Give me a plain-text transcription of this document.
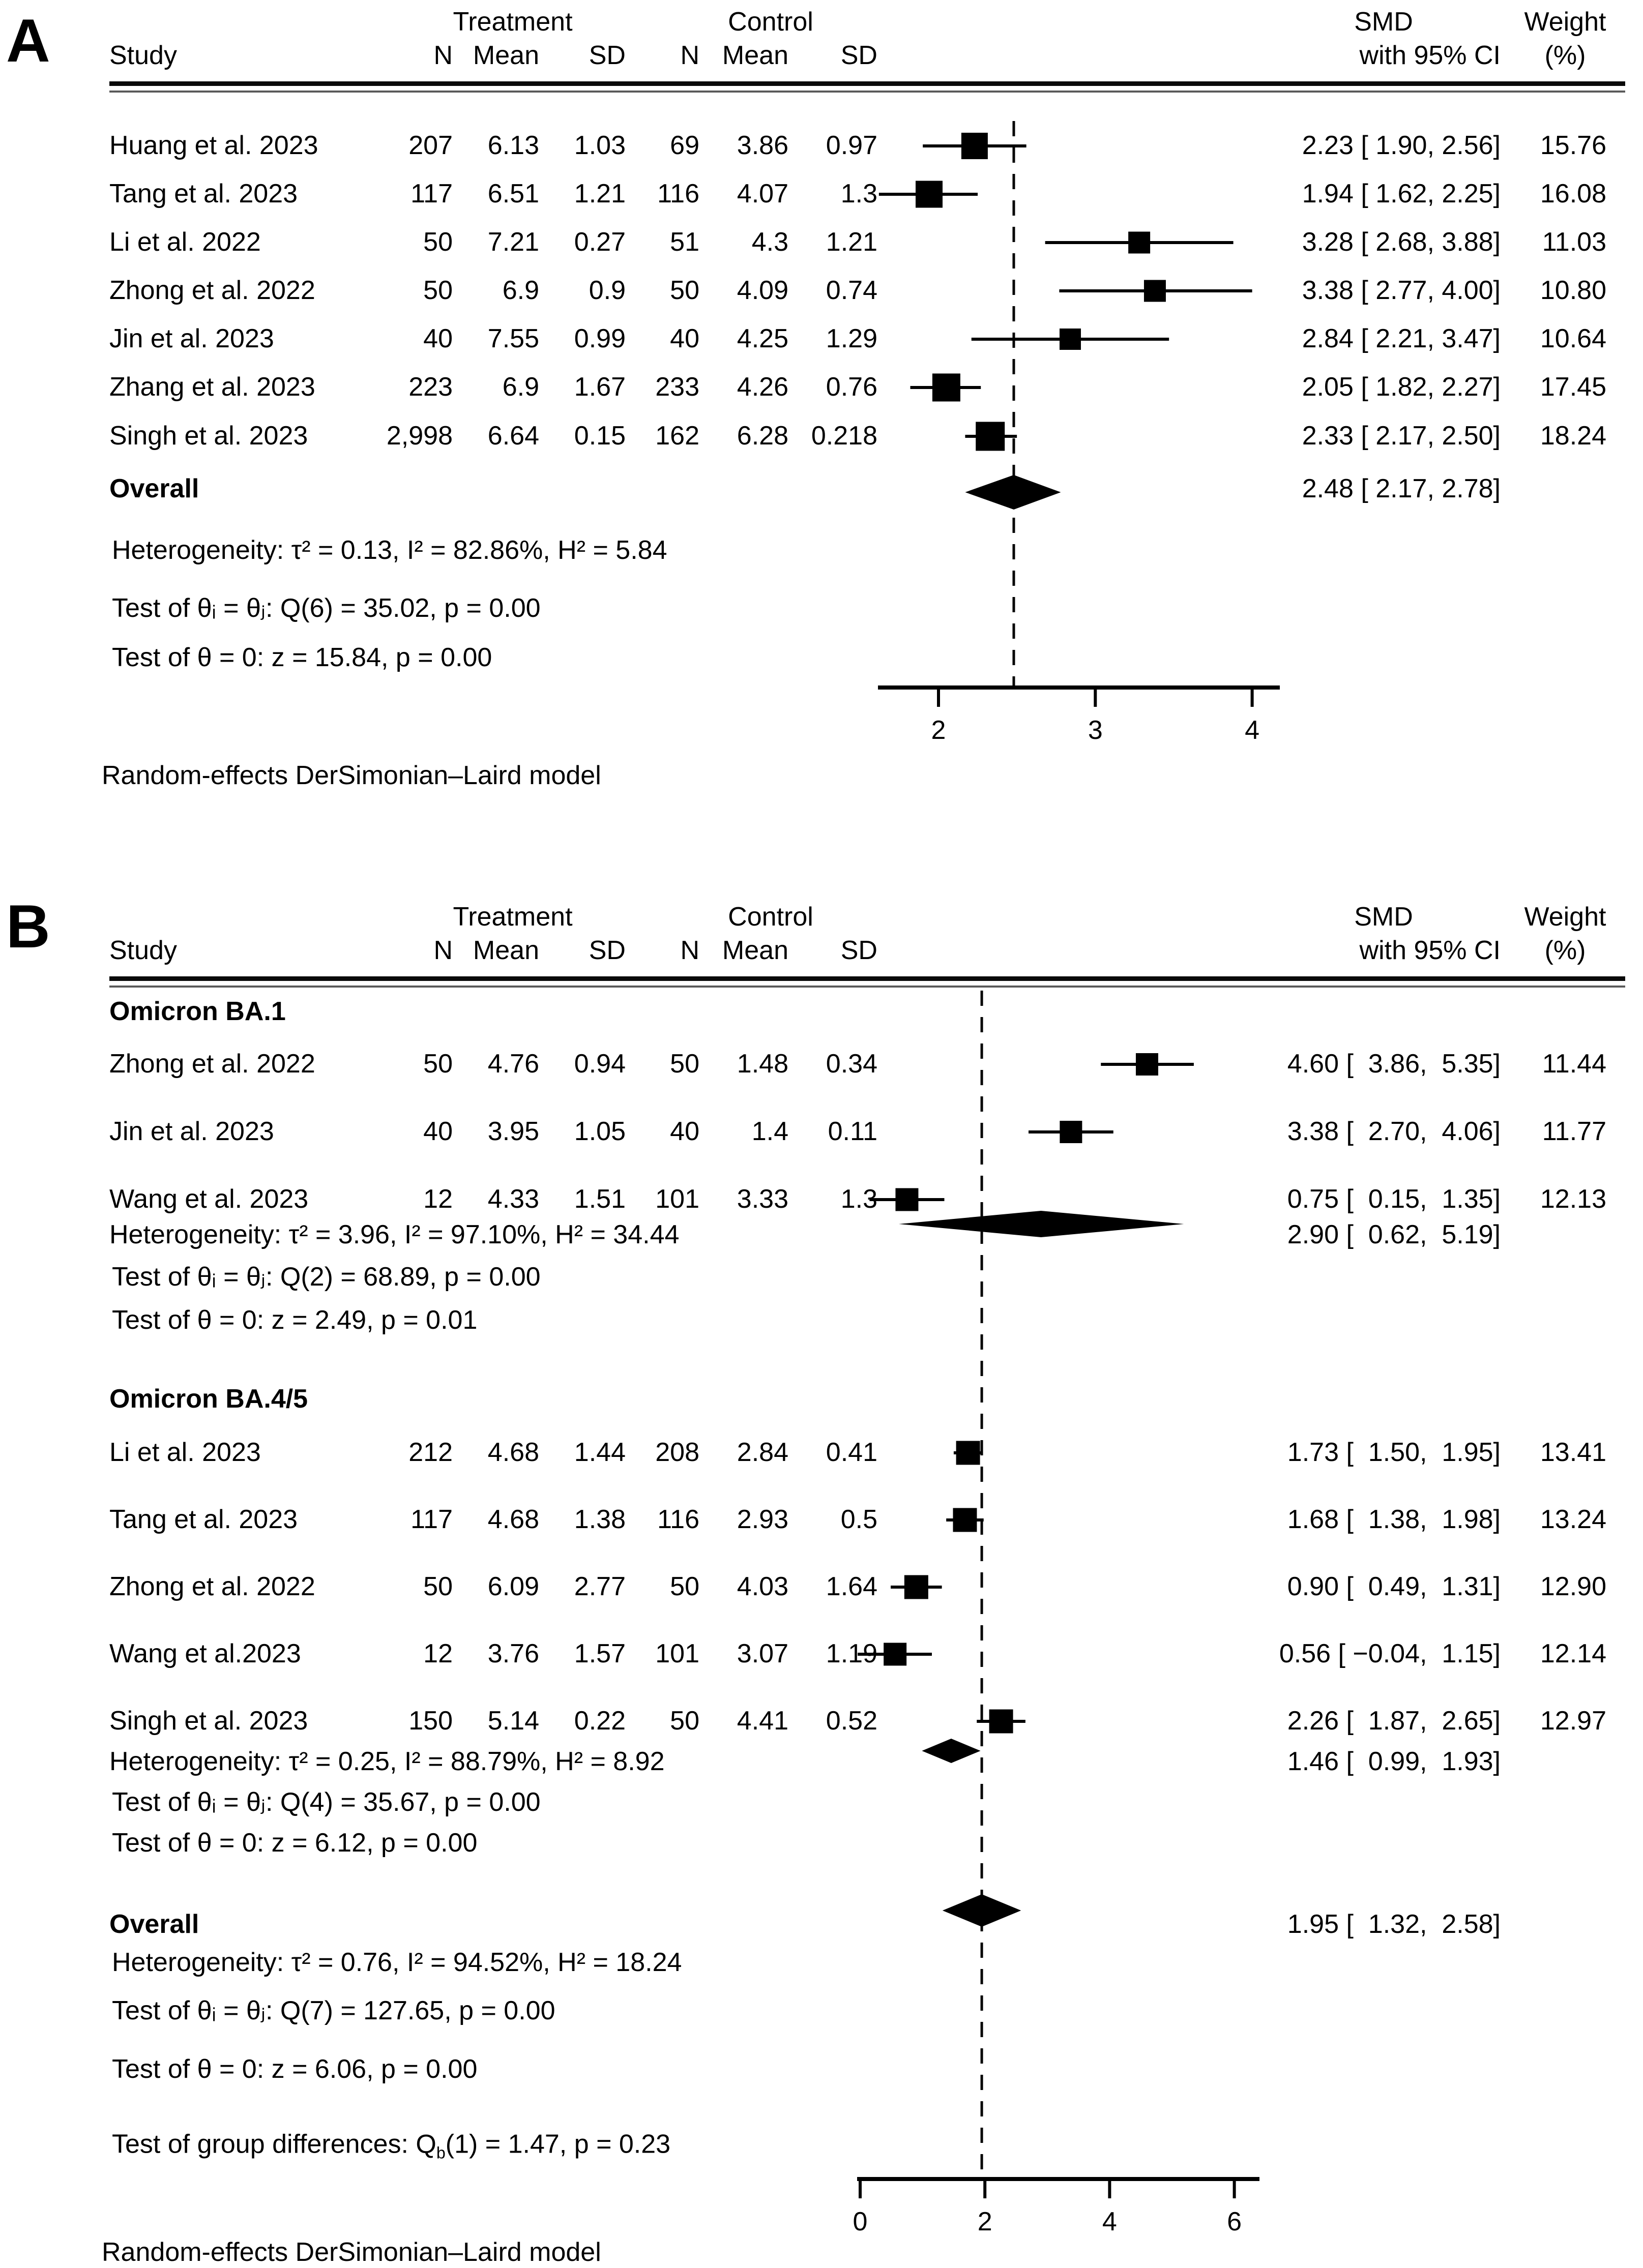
A
B
Treatment	Control	SMD	Weight
Study	N Mean	SD	N Mean	SD	with 95% CI	(%)
Treatment	Control	SMD	Weight
Study	N Mean	SD	N Mean	SD	with 95% CI	(%)
Random-effects DerSimonian–Laird model
Random-effects DerSimonian–Laird model
2	3	4
Huang et al. 2023	207	6.13	1.03	69	3.86	0.97	2.23 [ 1.90, 2.56]	15.76
Tang et al. 2023	117	6.51	1.21	116	4.07	1.3	1.94 [ 1.62, 2.25]	16.08
Li et al. 2022	50	7.21	0.27	51	4.3	1.21	3.28 [ 2.68, 3.88]	11.03
Zhong et al. 2022	50	6.9	0.9	50	4.09	0.74	3.38 [ 2.77, 4.00]	10.80
Jin et al. 2023	40	7.55	0.99	40	4.25	1.29	2.84 [ 2.21, 3.47]	10.64
Zhang et al. 2023	223	6.9	1.67	233	4.26	0.76	2.05 [ 1.82, 2.27]	17.45
Singh et al. 2023	2,998	6.64	0.15	162	6.28 0.218	2.33 [ 2.17, 2.50]	18.24
Overall	2.48 [ 2.17, 2.78]
Heterogeneity: τ² = 0.13, I² = 82.86%, H² = 5.84
Test of θᵢ = θⱼ: Q(6) = 35.02, p = 0.00
Test of θ = 0: z = 15.84, p = 0.00
0	2	4	6
Omicron BA.1
Zhong et al. 2022	50	4.76	0.94	50	1.48	0.34	4.60 [  3.86,  5.35]	11.44
Jin et al. 2023	40	3.95	1.05	40	1.4	0.11	3.38 [  2.70,  4.06]	11.77
Wang et al. 2023	12	4.33	1.51	101	3.33	1.3	0.75 [  0.15,  1.35]	12.13
Heterogeneity: τ² = 3.96, I² = 97.10%, H² = 34.44	2.90 [  0.62,  5.19]
Test of θᵢ = θⱼ: Q(2) = 68.89, p = 0.00
Test of θ = 0: z = 2.49, p = 0.01
Omicron BA.4/5
Li et al. 2023	212	4.68	1.44	208	2.84	0.41	1.73 [  1.50,  1.95]	13.41
Tang et al. 2023	117	4.68	1.38	116	2.93	0.5	1.68 [  1.38,  1.98]	13.24
Zhong et al. 2022	50	6.09	2.77	50	4.03	1.64	0.90 [  0.49,  1.31]	12.90
Wang et al.2023	12	3.76	1.57	101	3.07	1.19	0.56 [ −0.04,  1.15]	12.14
Singh et al. 2023	150	5.14	0.22	50	4.41	0.52	2.26 [  1.87,  2.65]	12.97
Heterogeneity: τ² = 0.25, I² = 88.79%, H² = 8.92	1.46 [  0.99,  1.93]
Test of θᵢ = θⱼ: Q(4) = 35.67, p = 0.00
Test of θ = 0: z = 6.12, p = 0.00
Overall	1.95 [  1.32,  2.58]
Heterogeneity: τ² = 0.76, I² = 94.52%, H² = 18.24
Test of θᵢ = θⱼ: Q(7) = 127.65, p = 0.00
Test of θ = 0: z = 6.06, p = 0.00
Test of group differences: $Q_b(1) = 1.47$, p = 0.23
